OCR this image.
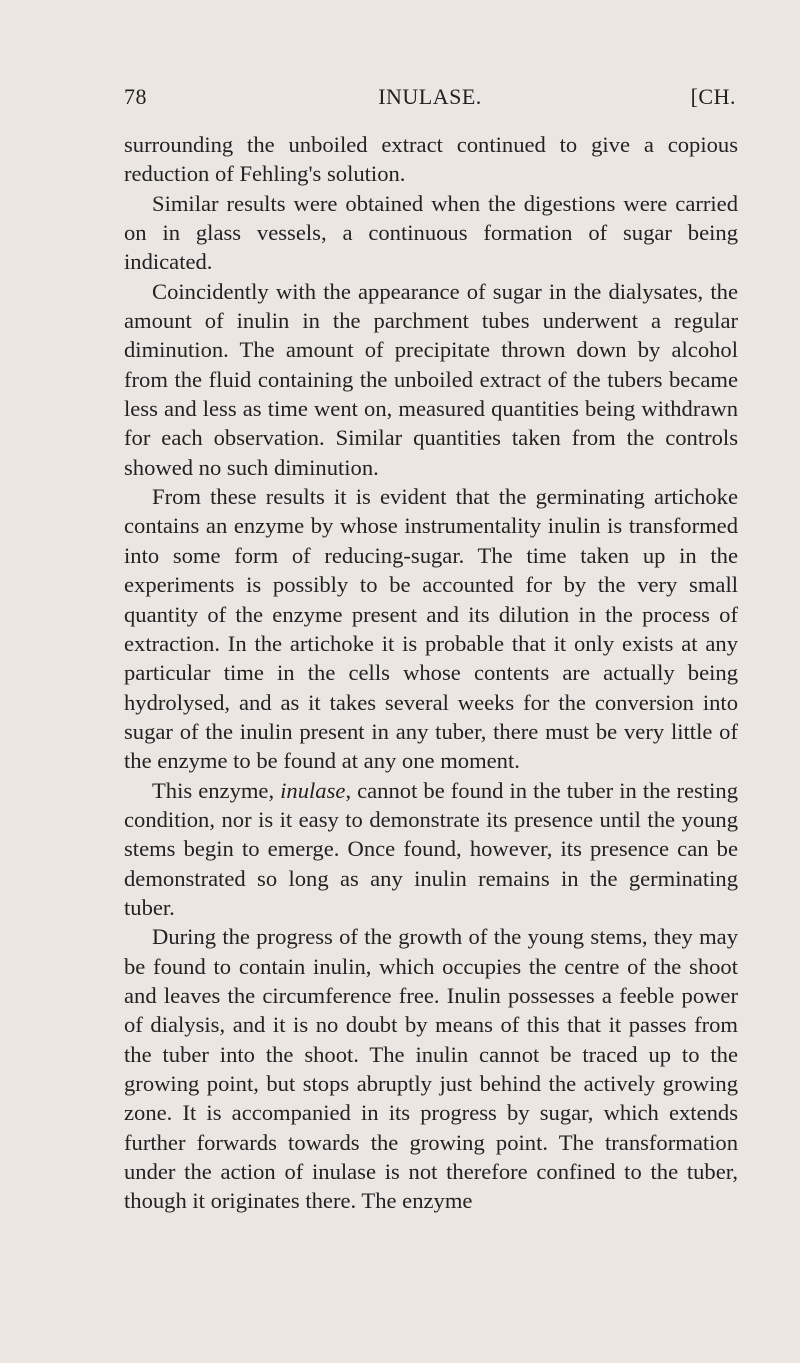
78	INULASE.	[CH.

surrounding the unboiled extract continued to give a copious reduction of Fehling's solution.

Similar results were obtained when the digestions were carried on in glass vessels, a continuous formation of sugar being indicated.

Coincidently with the appearance of sugar in the dialysates, the amount of inulin in the parchment tubes underwent a regular diminution. The amount of precipitate thrown down by alcohol from the fluid containing the unboiled extract of the tubers became less and less as time went on, measured quantities being withdrawn for each observation. Similar quantities taken from the controls showed no such diminution.

From these results it is evident that the germinating artichoke contains an enzyme by whose instrumentality inulin is transformed into some form of reducing-sugar. The time taken up in the experiments is possibly to be accounted for by the very small quantity of the enzyme present and its dilution in the process of extraction. In the artichoke it is probable that it only exists at any particular time in the cells whose contents are actually being hydrolysed, and as it takes several weeks for the conversion into sugar of the inulin present in any tuber, there must be very little of the enzyme to be found at any one moment.

This enzyme, inulase, cannot be found in the tuber in the resting condition, nor is it easy to demonstrate its presence until the young stems begin to emerge. Once found, however, its presence can be demonstrated so long as any inulin remains in the germinating tuber.

During the progress of the growth of the young stems, they may be found to contain inulin, which occupies the centre of the shoot and leaves the circumference free. Inulin possesses a feeble power of dialysis, and it is no doubt by means of this that it passes from the tuber into the shoot. The inulin cannot be traced up to the growing point, but stops abruptly just behind the actively growing zone. It is accompanied in its progress by sugar, which extends further forwards towards the growing point. The transformation under the action of inulase is not therefore confined to the tuber, though it originates there. The enzyme
